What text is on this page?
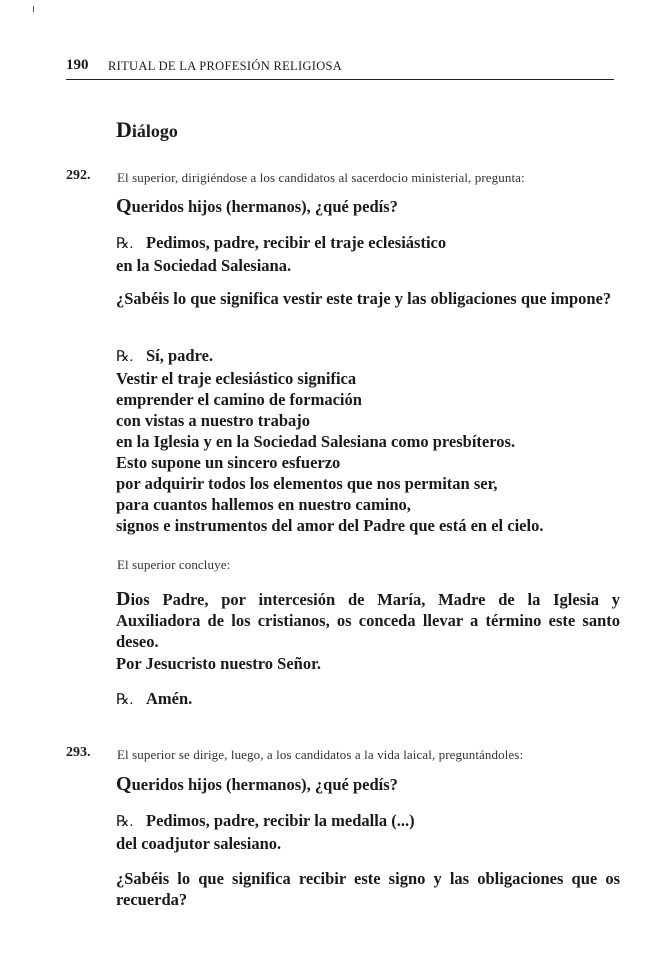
190 RITUAL DE LA PROFESIÓN RELIGIOSA
Diálogo
292. El superior, dirigiéndose a los candidatos al sacerdocio ministerial, pregunta:
Queridos hijos (hermanos), ¿qué pedís?
℞. Pedimos, padre, recibir el traje eclesiástico
en la Sociedad Salesiana.
¿Sabéis lo que significa vestir este traje y las obligaciones que impone?
℞. Sí, padre.
Vestir el traje eclesiástico significa
emprender el camino de formación
con vistas a nuestro trabajo
en la Iglesia y en la Sociedad Salesiana como presbíteros.
Esto supone un sincero esfuerzo
por adquirir todos los elementos que nos permitan ser,
para cuantos hallemos en nuestro camino,
signos e instrumentos del amor del Padre que está en el cielo.
El superior concluye:
Dios Padre, por intercesión de María, Madre de la Iglesia y Auxiliadora de los cristianos, os conceda llevar a término este santo deseo.
Por Jesucristo nuestro Señor.
℞. Amén.
293. El superior se dirige, luego, a los candidatos a la vida laical, preguntándoles:
Queridos hijos (hermanos), ¿qué pedís?
℞. Pedimos, padre, recibir la medalla (...)
del coadjutor salesiano.
¿Sabéis lo que significa recibir este signo y las obligaciones que os recuerda?
